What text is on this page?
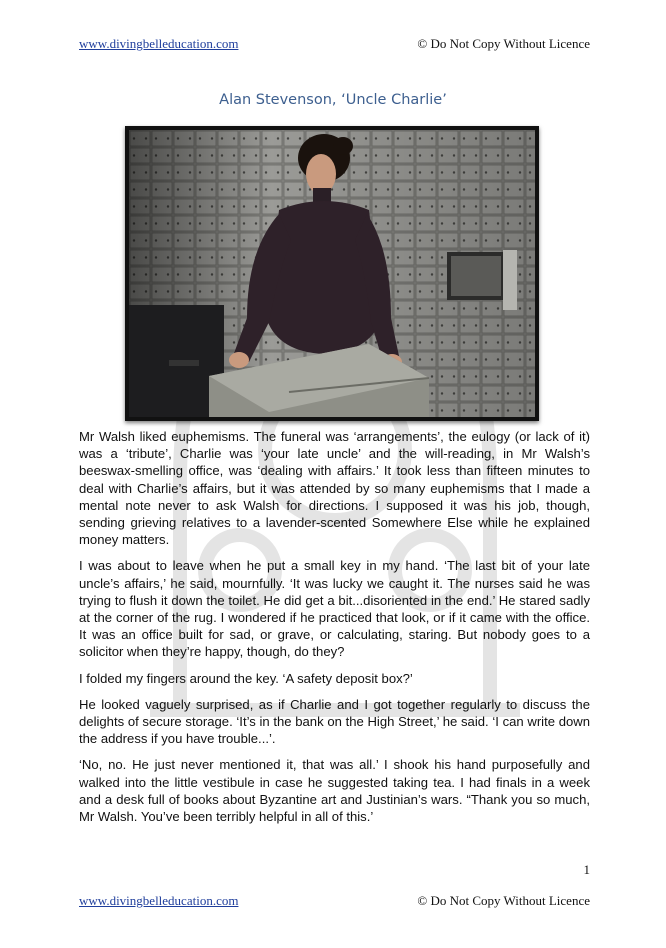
www.divingbelleducation.com	© Do Not Copy Without Licence
Alan Stevenson, ‘Uncle Charlie’

Mr Walsh liked euphemisms. The funeral was ‘arrangements’, the eulogy (or lack of it) was a ‘tribute’, Charlie was ‘your late uncle’ and the will-reading, in Mr Walsh’s beeswax-smelling office, was ‘dealing with affairs.’ It took less than fifteen minutes to deal with Charlie’s affairs, but it was attended by so many euphemisms that I made a mental note never to ask Walsh for directions. I supposed it was his job, though, sending grieving relatives to a lavender-scented Somewhere Else while he explained money matters.

I was about to leave when he put a small key in my hand. ‘The last bit of your late uncle’s affairs,’ he said, mournfully. ‘It was lucky we caught it. The nurses said he was trying to flush it down the toilet. He did get a bit...disoriented in the end.’ He stared sadly at the corner of the rug. I wondered if he practiced that look, or if it came with the office. It was an office built for sad, or grave, or calculating, staring. But nobody goes to a solicitor when they’re happy, though, do they?

I folded my fingers around the key. ‘A safety deposit box?’

He looked vaguely surprised, as if Charlie and I got together regularly to discuss the delights of secure storage. ‘It’s in the bank on the High Street,’ he said. ‘I can write down the address if you have trouble...’.

‘No, no. He just never mentioned it, that was all.’ I shook his hand purposefully and walked into the little vestibule in case he suggested taking tea. I had finals in a week and a desk full of books about Byzantine art and Justinian’s wars. “Thank you so much, Mr Walsh. You’ve been terribly helpful in all of this.’

1
www.divingbelleducation.com	© Do Not Copy Without Licence
